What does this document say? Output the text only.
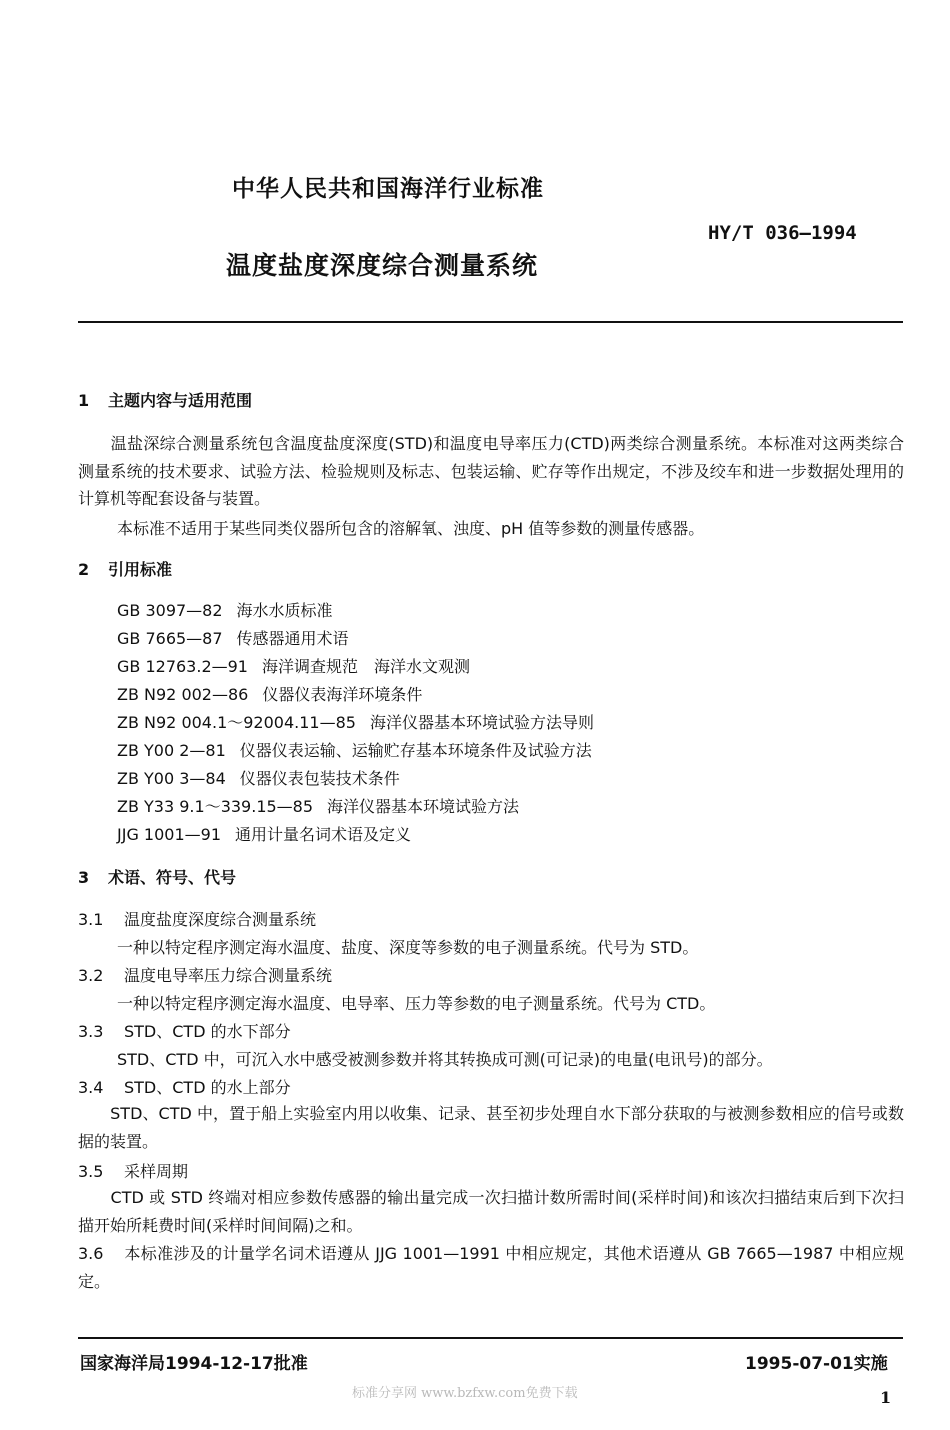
中华人民共和国海洋行业标准
HY/T 036—1994
温度盐度深度综合测量系统
1 主题内容与适用范围
　　温盐深综合测量系统包含温度盐度深度(STD)和温度电导率压力(CTD)两类综合测量系统。本标准对这两类综合测量系统的技术要求、试验方法、检验规则及标志、包装运输、贮存等作出规定，不涉及绞车和进一步数据处理用的计算机等配套设备与装置。
本标准不适用于某些同类仪器所包含的溶解氧、浊度、pH 值等参数的测量传感器。
2 引用标准
GB 3097—82 海水水质标准
GB 7665—87 传感器通用术语
GB 12763.2—91 海洋调查规范　海洋水文观测
ZB N92 002—86 仪器仪表海洋环境条件
ZB N92 004.1～92004.11—85 海洋仪器基本环境试验方法导则
ZB Y00 2—81 仪器仪表运输、运输贮存基本环境条件及试验方法
ZB Y00 3—84 仪器仪表包装技术条件
ZB Y33 9.1～339.15—85 海洋仪器基本环境试验方法
JJG 1001—91 通用计量名词术语及定义
3 术语、符号、代号
3.1 温度盐度深度综合测量系统
一种以特定程序测定海水温度、盐度、深度等参数的电子测量系统。代号为 STD。
3.2 温度电导率压力综合测量系统
一种以特定程序测定海水温度、电导率、压力等参数的电子测量系统。代号为 CTD。
3.3 STD、CTD 的水下部分
STD、CTD 中，可沉入水中感受被测参数并将其转换成可测(可记录)的电量(电讯号)的部分。
3.4 STD、CTD 的水上部分
　　STD、CTD 中，置于船上实验室内用以收集、记录、甚至初步处理自水下部分获取的与被测参数相应的信号或数据的装置。
3.5 采样周期
　　CTD 或 STD 终端对相应参数传感器的输出量完成一次扫描计数所需时间(采样时间)和该次扫描结束后到下次扫描开始所耗费时间(采样时间间隔)之和。
3.6 本标准涉及的计量学名词术语遵从 JJG 1001—1991 中相应规定，其他术语遵从 GB 7665—1987 中相应规定。
国家海洋局1994-12-17批准	1995-07-01实施
标准分享网 www.bzfxw.com免费下载	1
